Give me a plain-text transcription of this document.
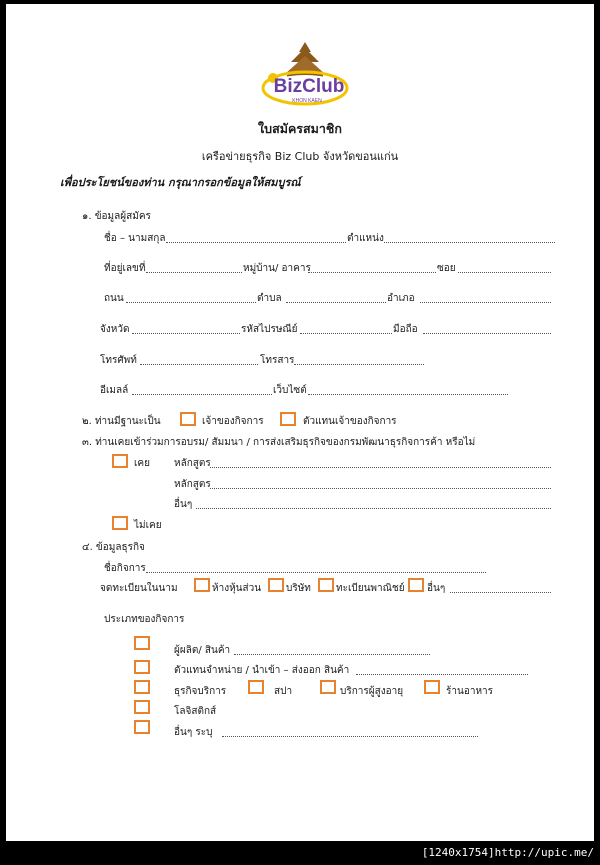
BizClub
KHON KAEN
ใบสมัครสมาชิก
เครือข่ายธุรกิจ Biz Club จังหวัดขอนแก่น
เพื่อประโยชน์ของท่าน กรุณากรอกข้อมูลให้สมบูรณ์
๑. ข้อมูลผู้สมัคร
ชื่อ – นามสกุล	ตำแหน่ง
ที่อยู่เลขที่	หมู่บ้าน/ อาคาร	ซอย
ถนน	ตำบล	อำเภอ
จังหวัด	รหัสไปรษณีย์	มือถือ
โทรศัพท์	โทรสาร
อีเมลล์	เว็บไซต์
๒. ท่านมีฐานะเป็น	เจ้าของกิจการ	ตัวแทนเจ้าของกิจการ
๓. ท่านเคยเข้าร่วมการอบรม/ สัมมนา / การส่งเสริมธุรกิจของกรมพัฒนาธุรกิจการค้า หรือไม่
เคย หลักสูตร
หลักสูตร
อื่นๆ
ไม่เคย
๔. ข้อมูลธุรกิจ
ชื่อกิจการ
จดทะเบียนในนาม	ห้างหุ้นส่วน บริษัท	ทะเบียนพาณิชย์ อื่นๆ
ประเภทของกิจการ
ผู้ผลิต/ สินค้า
ตัวแทนจำหน่าย / นำเข้า – ส่งออก สินค้า
ธุรกิจบริการ	สปา	บริการผู้สูงอายุ	ร้านอาหาร
โลจิสติกส์
อื่นๆ ระบุ
[1240x1754]http://upic.me/
